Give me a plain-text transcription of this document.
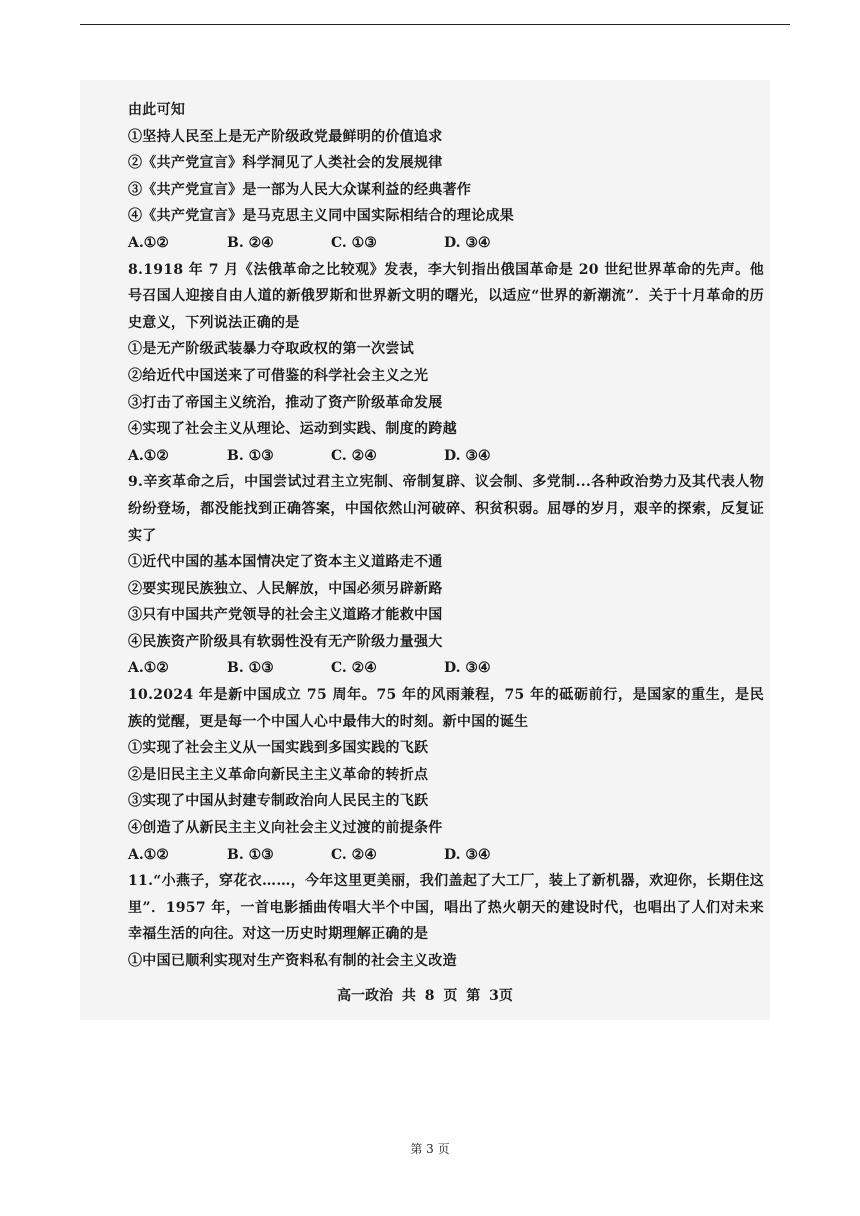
由此可知
①坚持人民至上是无产阶级政党最鲜明的价值追求
②《共产党宣言》科学洞见了人类社会的发展规律
③《共产党宣言》是一部为人民大众谋利益的经典著作
④《共产党宣言》是马克思主义同中国实际相结合的理论成果
A.①②	B. ②④	C. ①③	D. ③④
8.1918 年 7 月《法俄革命之比较观》发表，李大钊指出俄国革命是 20 世纪世界革命的先声。他号召国人迎接自由人道的新俄罗斯和世界新文明的曙光，以适应“世界的新潮流”．关于十月革命的历史意义，下列说法正确的是
①是无产阶级武装暴力夺取政权的第一次尝试
②给近代中国送来了可借鉴的科学社会主义之光
③打击了帝国主义统治，推动了资产阶级革命发展
④实现了社会主义从理论、运动到实践、制度的跨越
A.①②	B. ①③	C. ②④	D. ③④
9.辛亥革命之后，中国尝试过君主立宪制、帝制复辟、议会制、多党制...各种政治势力及其代表人物纷纷登场，都没能找到正确答案，中国依然山河破碎、积贫积弱。屈辱的岁月，艰辛的探索，反复证实了
①近代中国的基本国情决定了资本主义道路走不通
②要实现民族独立、人民解放，中国必须另辟新路
③只有中国共产党领导的社会主义道路才能救中国
④民族资产阶级具有软弱性没有无产阶级力量强大
A.①②	B. ①③	C. ②④	D. ③④
10.2024 年是新中国成立 75 周年。75 年的风雨兼程，75 年的砥砺前行，是国家的重生，是民族的觉醒，更是每一个中国人心中最伟大的时刻。新中国的诞生
①实现了社会主义从一国实践到多国实践的飞跃
②是旧民主主义革命向新民主主义革命的转折点
③实现了中国从封建专制政治向人民民主的飞跃
④创造了从新民主主义向社会主义过渡的前提条件
A.①②	B. ①③	C. ②④	D. ③④
11.“小燕子，穿花衣……，今年这里更美丽，我们盖起了大工厂，装上了新机器，欢迎你，长期住这里”．1957 年，一首电影插曲传唱大半个中国，唱出了热火朝天的建设时代，也唱出了人们对未来幸福生活的向往。对这一历史时期理解正确的是
①中国已顺利实现对生产资料私有制的社会主义改造
高一政治 共 8 页 第 3页
第 3 页
